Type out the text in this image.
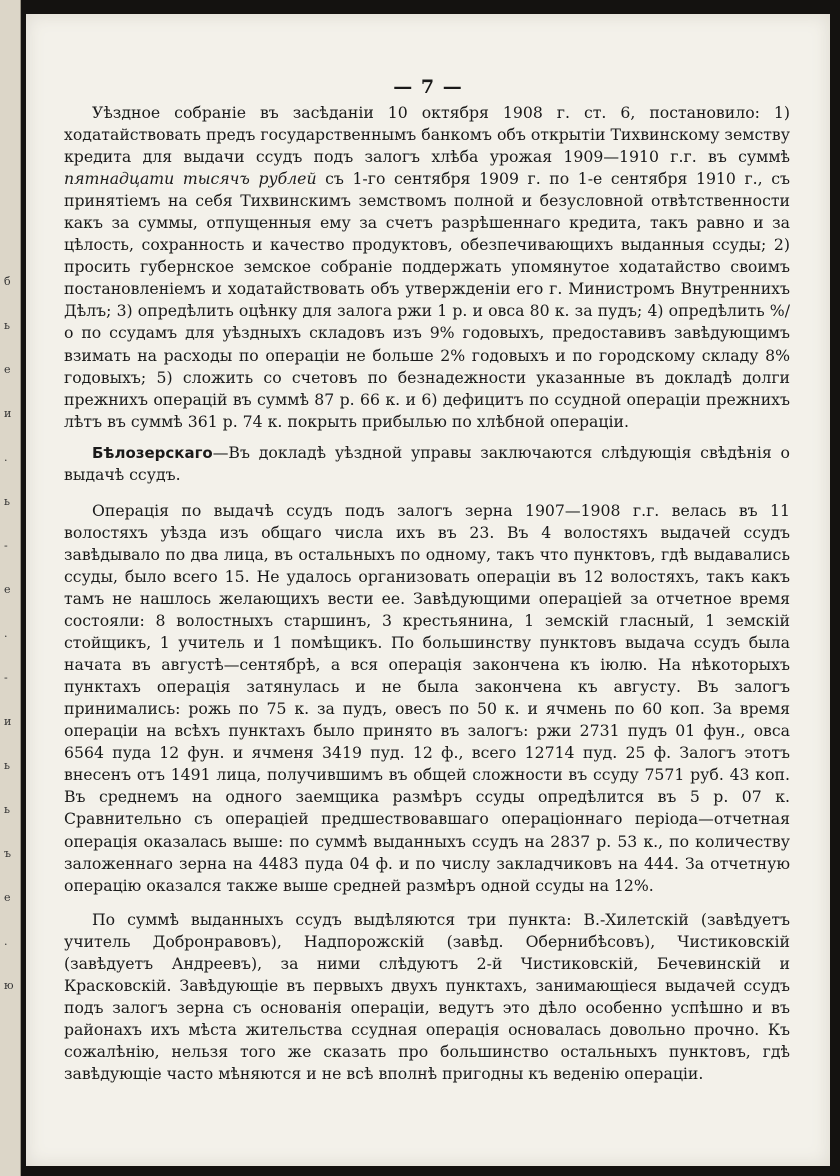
б
ь
е
и
.
ь
-
е
.
-
и
ь
ь
ъ
е
.
ю
— 7 —

Уѣздное собраніе въ засѣданіи 10 октября 1908 г. ст. 6, постановило: 1) ходатайствовать предъ государственнымъ банкомъ объ открытіи Тихвинскому земству кредита для выдачи ссудъ подъ залогъ хлѣба урожая 1909—1910 г.г. въ суммѣ пятнадцати тысячъ рублей съ 1-го сентября 1909 г. по 1-е сентября 1910 г., съ принятіемъ на себя Тихвинскимъ земствомъ полной и безусловной отвѣтственности какъ за суммы, отпущенныя ему за счетъ разрѣшеннаго кредита, такъ равно и за цѣлость, сохранность и качество продуктовъ, обезпечивающихъ выданныя ссуды; 2) просить губернское земское собраніе поддержать упомянутое ходатайство своимъ постановленіемъ и ходатайствовать объ утвержденіи его г. Министромъ Внутреннихъ Дѣлъ; 3) опредѣлить оцѣнку для залога ржи 1 р. и овса 80 к. за пудъ; 4) опредѣлить %/о по ссудамъ для уѣздныхъ складовъ изъ 9% годовыхъ, предоставивъ завѣдующимъ взимать на расходы по операціи не больше 2% годовыхъ и по городскому складу 8% годовыхъ; 5) сложить со счетовъ по безнадежности указанные въ докладѣ долги прежнихъ операцій въ суммѣ 87 р. 66 к. и 6) дефицитъ по ссудной операціи прежнихъ лѣтъ въ суммѣ 361 р. 74 к. покрыть прибылью по хлѣбной операціи.

Бѣлозерскаго—Въ докладѣ уѣздной управы заключаются слѣдующія свѣдѣнія о выдачѣ ссудъ.

Операція по выдачѣ ссудъ подъ залогъ зерна 1907—1908 г.г. велась въ 11 волостяхъ уѣзда изъ общаго числа ихъ въ 23. Въ 4 волостяхъ выдачей ссудъ завѣдывало по два лица, въ остальныхъ по одному, такъ что пунктовъ, гдѣ выдавались ссуды, было всего 15. Не удалось организовать операціи въ 12 волостяхъ, такъ какъ тамъ не нашлось желающихъ вести ее. Завѣдующими операціей за отчетное время состояли: 8 волостныхъ старшинъ, 3 крестьянина, 1 земскій гласный, 1 земскій стойщикъ, 1 учитель и 1 помѣщикъ. По большинству пунктовъ выдача ссудъ была начата въ августѣ—сентябрѣ, а вся операція закончена къ іюлю. На нѣкоторыхъ пунктахъ операція затянулась и не была закончена къ августу. Въ залогъ принимались: рожь по 75 к. за пудъ, овесъ по 50 к. и ячмень по 60 коп. За время операціи на всѣхъ пунктахъ было принято въ залогъ: ржи 2731 пудъ 01 фун., овса 6564 пуда 12 фун. и ячменя 3419 пуд. 12 ф., всего 12714 пуд. 25 ф. Залогъ этотъ внесенъ отъ 1491 лица, получившимъ въ общей сложности въ ссуду 7571 руб. 43 коп. Въ среднемъ на одного заемщика размѣръ ссуды опредѣлится въ 5 р. 07 к. Сравнительно съ операціей предшествовавшаго операціоннаго періода—отчетная операція оказалась выше: по суммѣ выданныхъ ссудъ на 2837 р. 53 к., по количеству заложеннаго зерна на 4483 пуда 04 ф. и по числу закладчиковъ на 444. За отчетную операцію оказался также выше средней размѣръ одной ссуды на 12%.

По суммѣ выданныхъ ссудъ выдѣляются три пункта: В.-Хилетскій (завѣдуетъ учитель Добронравовъ), Надпорожскій (завѣд. Обернибѣсовъ), Чистиковскій (завѣдуетъ Андреевъ), за ними слѣдуютъ 2-й Чистиковскій, Бечевинскій и Красковскій. Завѣдующіе въ первыхъ двухъ пунктахъ, занимающіеся выдачей ссудъ подъ залогъ зерна съ основанія операціи, ведутъ это дѣло особенно успѣшно и въ районахъ ихъ мѣста жительства ссудная операція основалась довольно прочно. Къ сожалѣнію, нельзя того же сказать про большинство остальныхъ пунктовъ, гдѣ завѣдующіе часто мѣняются и не всѣ вполнѣ пригодны къ веденію операціи.
